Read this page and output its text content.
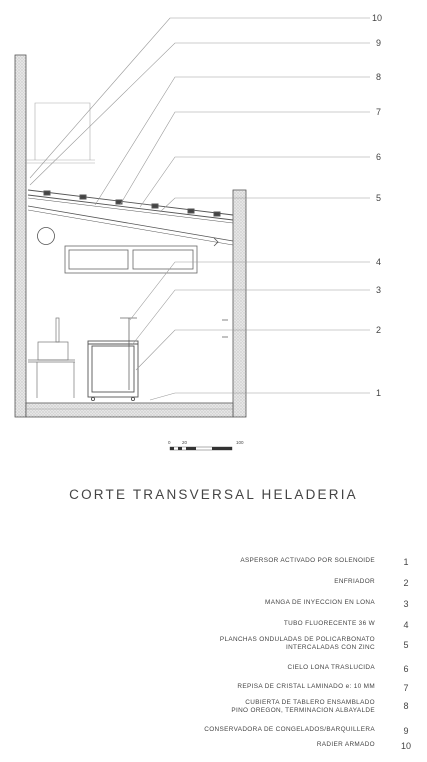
10
9
8
7
6
5
4
3
2
1
0	20	100
CORTE TRANSVERSAL HELADERIA
ASPERSOR ACTIVADO POR SOLENOIDE	1
ENFRIADOR	2
MANGA DE INYECCION EN LONA	3
TUBO FLUORECENTE 36 W	4
PLANCHAS ONDULADAS DE POLICARBONATO
INTERCALADAS CON ZINC	5
CIELO LONA TRASLUCIDA	6
REPISA DE CRISTAL LAMINADO e: 10 MM	7
CUBIERTA DE TABLERO ENSAMBLADO
PINO OREGON, TERMINACION ALBAYALDE	8
CONSERVADORA DE CONGELADOS/BARQUILLERA	9
RADIER ARMADO	10
